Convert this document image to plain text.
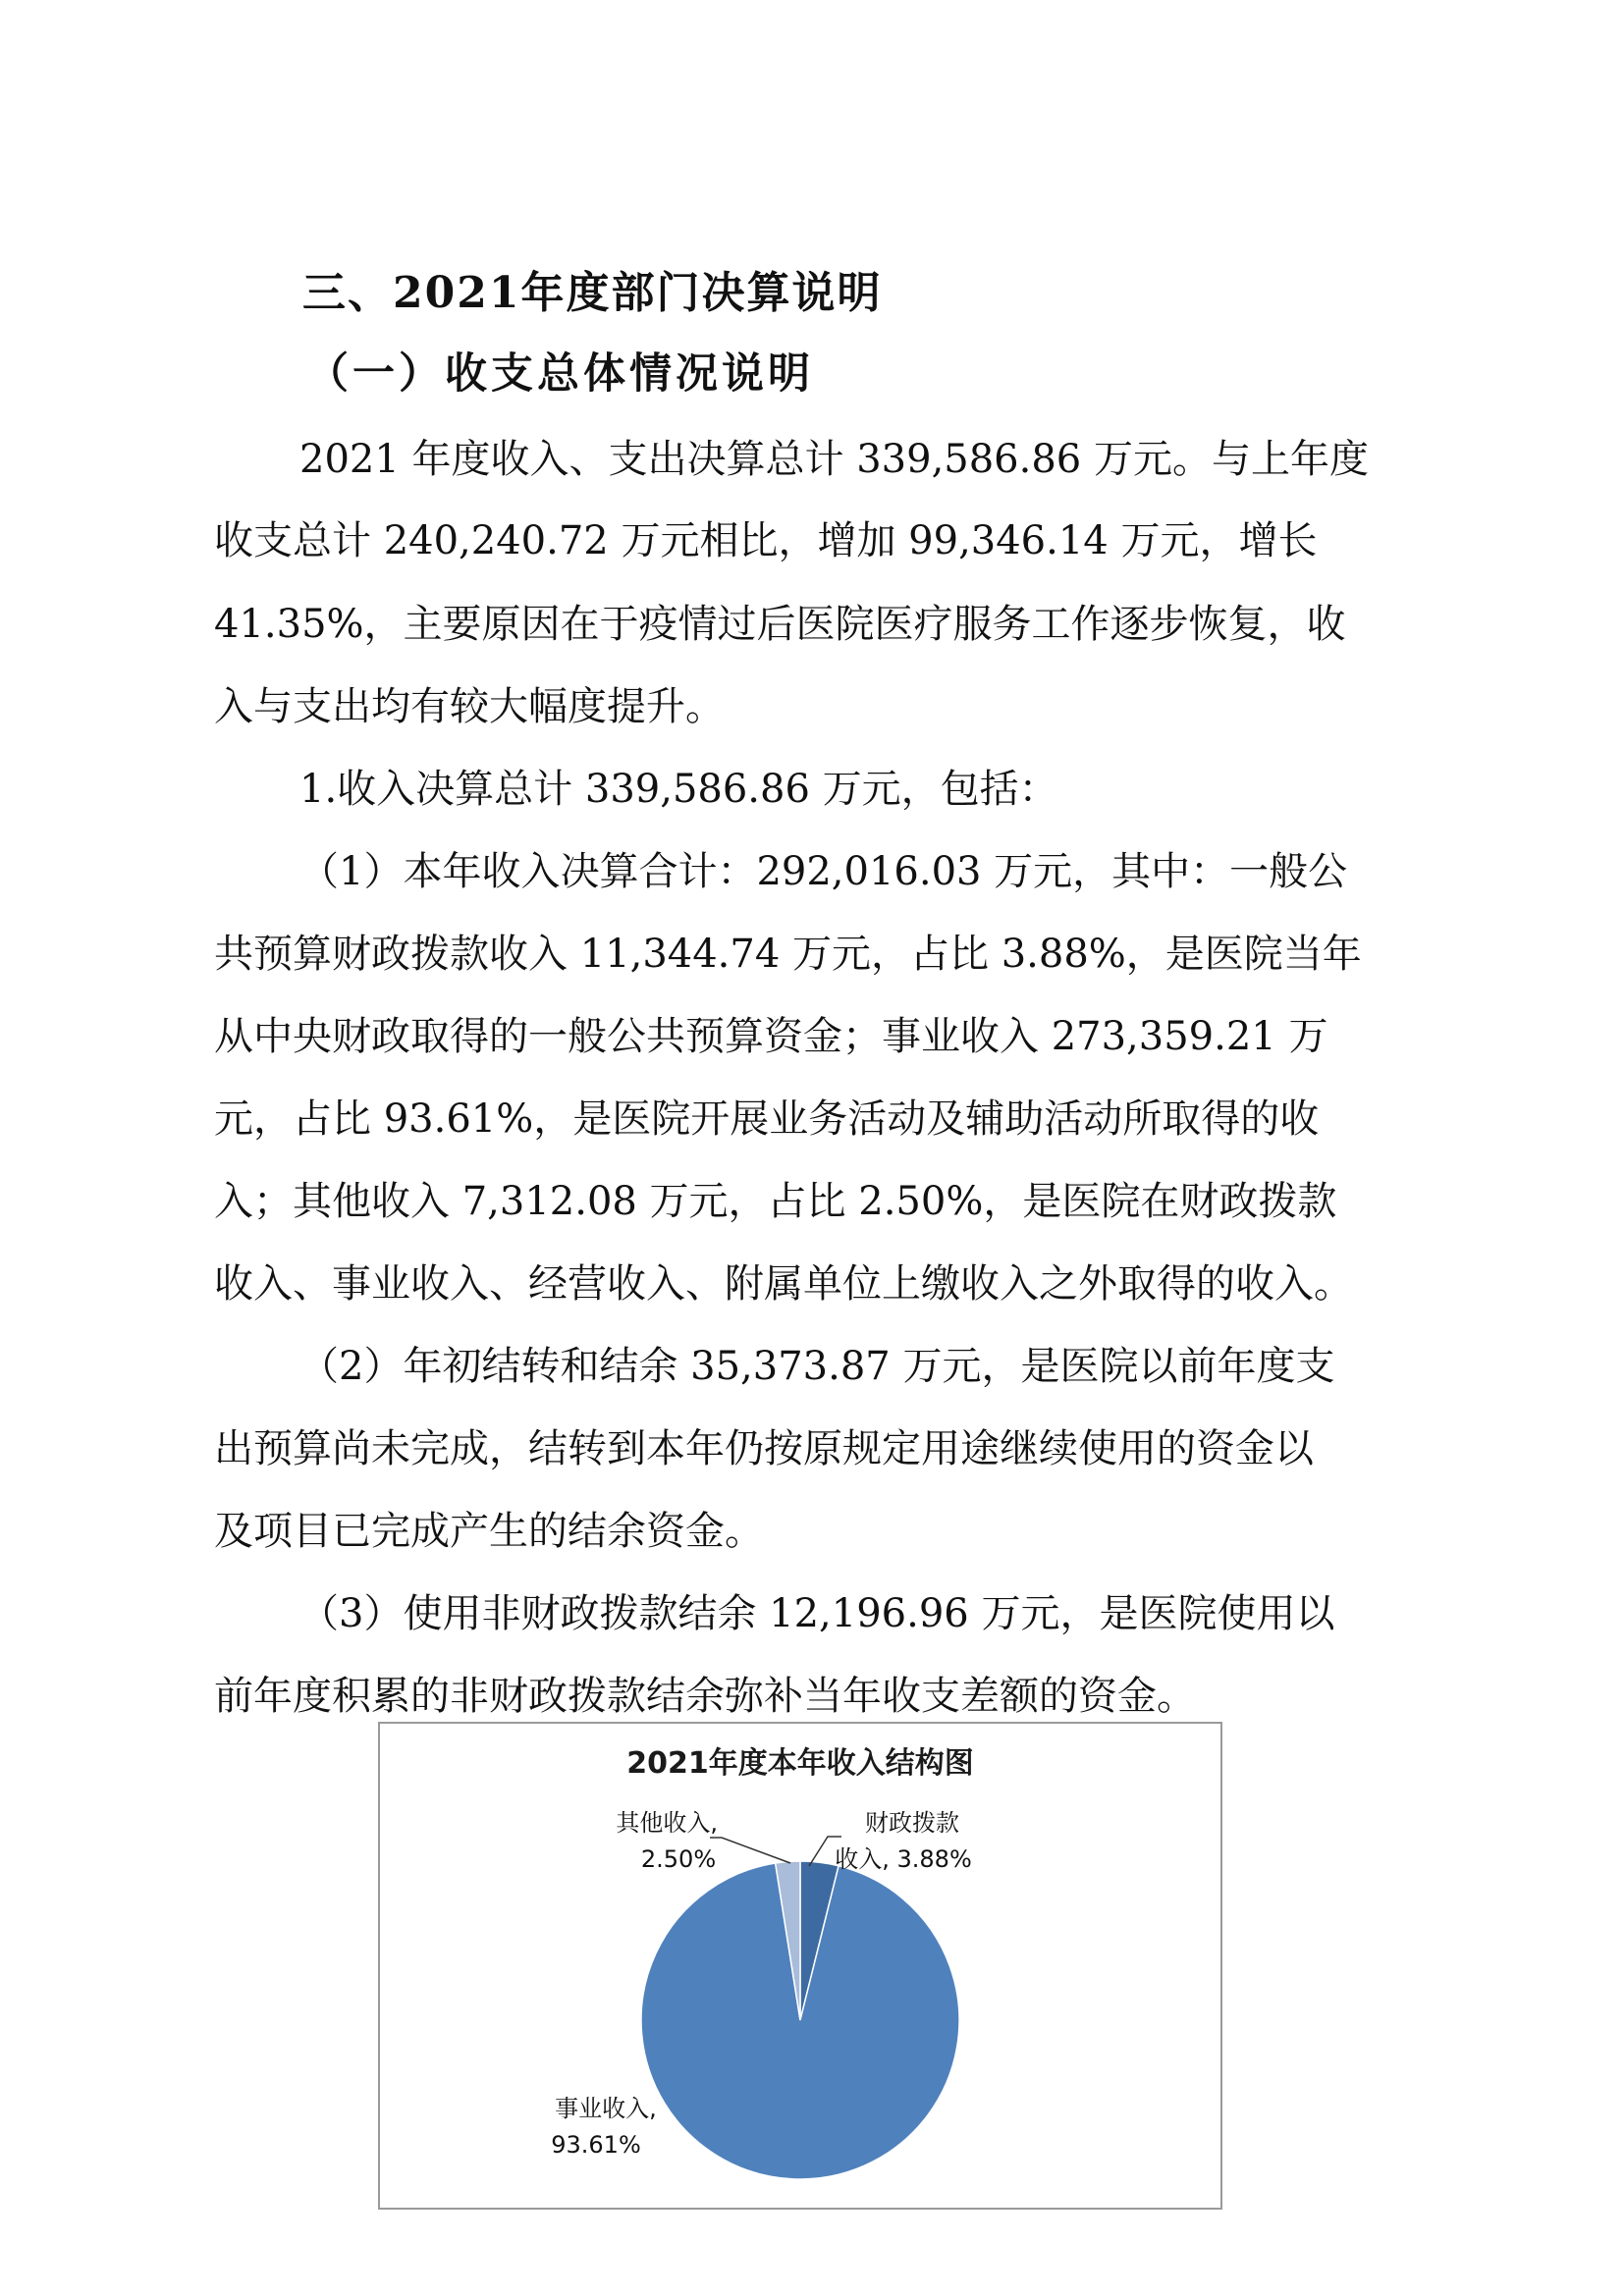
三、2021年度部门决算说明
（一）收支总体情况说明
2021 年度收入、支出决算总计 339,586.86 万元。与上年度
收支总计 240,240.72 万元相比，增加 99,346.14 万元，增长
41.35%，主要原因在于疫情过后医院医疗服务工作逐步恢复，收
入与支出均有较大幅度提升。
1.收入决算总计 339,586.86 万元，包括：
（1）本年收入决算合计：292,016.03 万元，其中：一般公
共预算财政拨款收入 11,344.74 万元，占比 3.88%，是医院当年
从中央财政取得的一般公共预算资金；事业收入 273,359.21 万
元，占比 93.61%，是医院开展业务活动及辅助活动所取得的收
入；其他收入 7,312.08 万元，占比 2.50%，是医院在财政拨款
收入、事业收入、经营收入、附属单位上缴收入之外取得的收入。
（2）年初结转和结余 35,373.87 万元，是医院以前年度支
出预算尚未完成，结转到本年仍按原规定用途继续使用的资金以
及项目已完成产生的结余资金。
（3）使用非财政拨款结余 12,196.96 万元，是医院使用以
前年度积累的非财政拨款结余弥补当年收支差额的资金。
2021年度本年收入结构图
其他收入,
2.50%
财政拨款
收入, 3.88%
事业收入,
93.61%
